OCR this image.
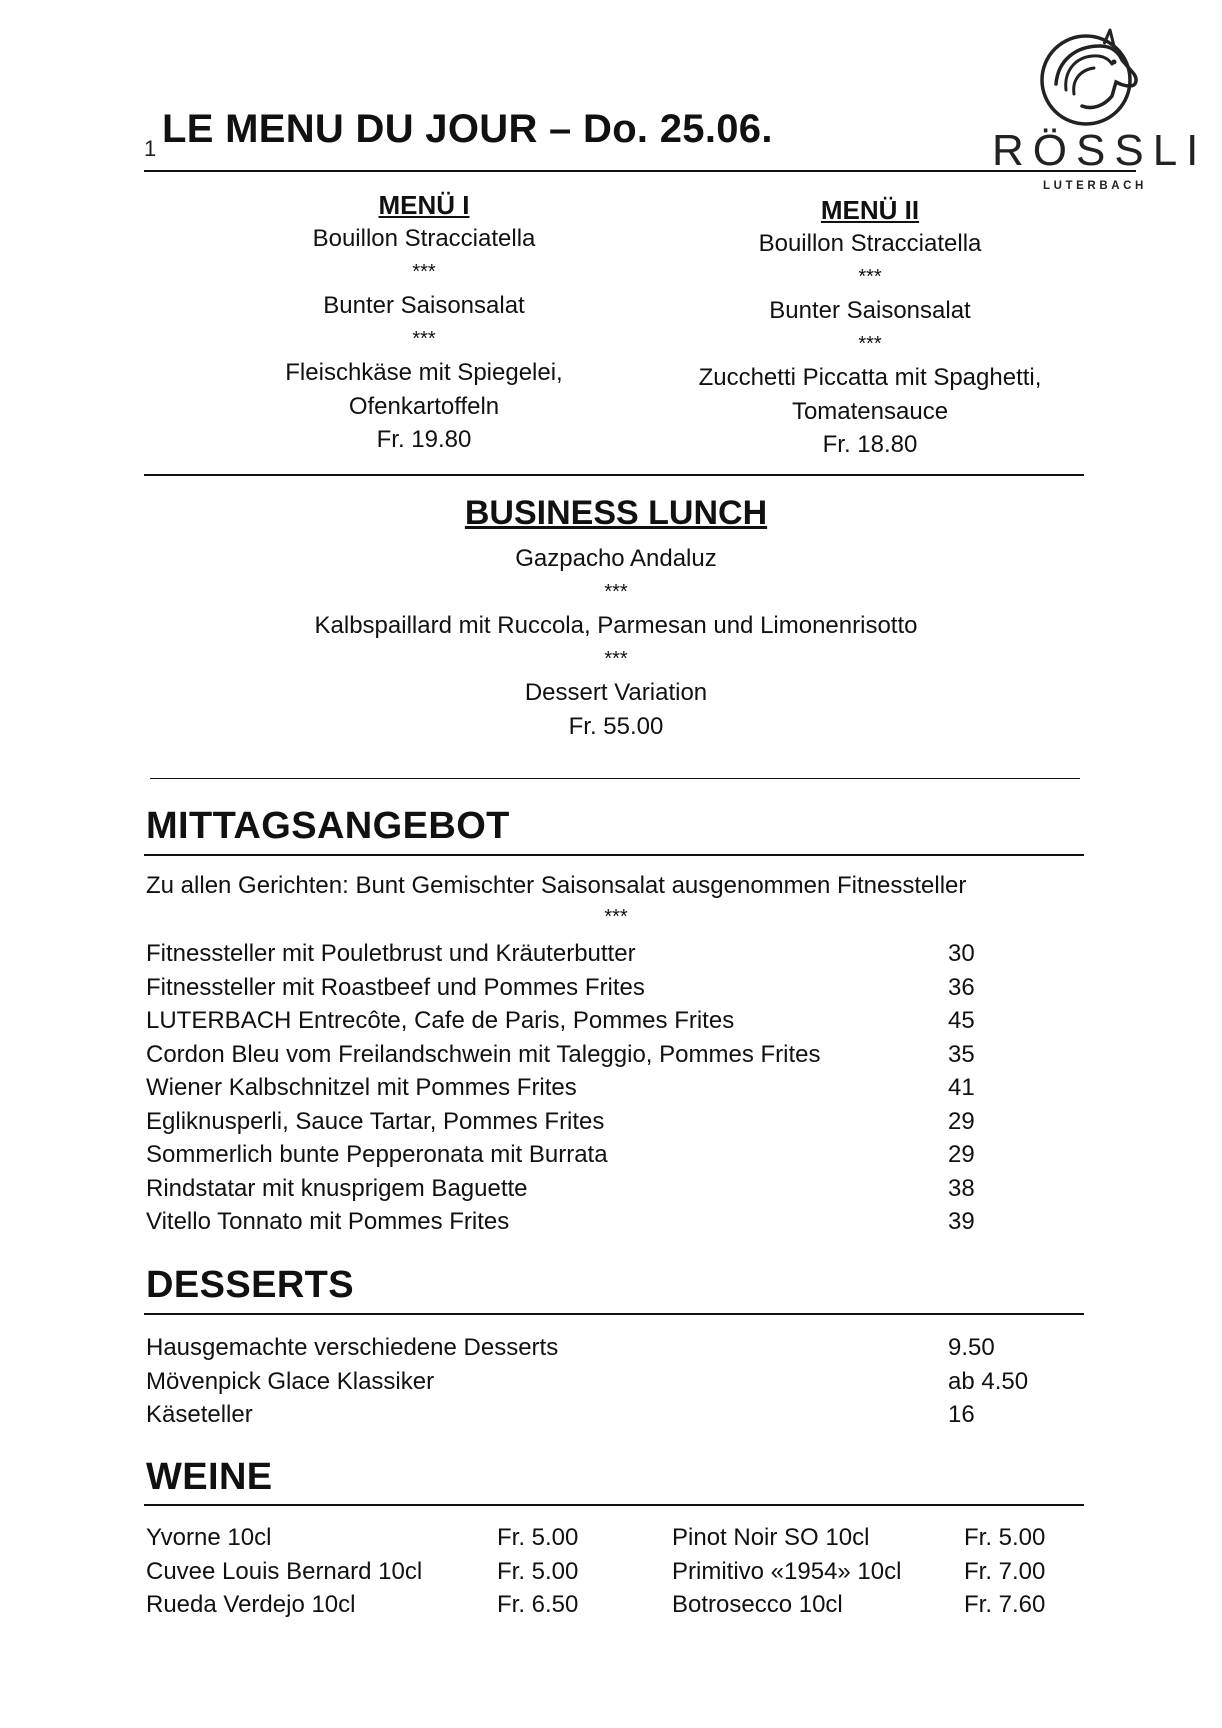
RÖSSLI
LUTERBACH
1 LE MENU DU JOUR – Do. 25.06.
MENÜ I
Bouillon Stracciatella
***
Bunter Saisonsalat
***
Fleischkäse mit Spiegelei,
Ofenkartoffeln
Fr. 19.80
MENÜ II
Bouillon Stracciatella
***
Bunter Saisonsalat
***
Zucchetti Piccatta mit Spaghetti,
Tomatensauce
Fr. 18.80
BUSINESS LUNCH
Gazpacho Andaluz
***
Kalbspaillard mit Ruccola, Parmesan und Limonenrisotto
***
Dessert Variation
Fr. 55.00
MITTAGSANGEBOT
Zu allen Gerichten: Bunt Gemischter Saisonsalat ausgenommen Fitnessteller
***
Fitnessteller mit Pouletbrust und Kräuterbutter	30
Fitnessteller mit Roastbeef und Pommes Frites	36
LUTERBACH Entrecôte, Cafe de Paris, Pommes Frites	45
Cordon Bleu vom Freilandschwein mit Taleggio, Pommes Frites	35
Wiener Kalbschnitzel mit Pommes Frites	41
Egliknusperli, Sauce Tartar, Pommes Frites	29
Sommerlich bunte Pepperonata mit Burrata	29
Rindstatar mit knusprigem Baguette	38
Vitello Tonnato mit Pommes Frites	39
DESSERTS
Hausgemachte verschiedene Desserts	9.50
Mövenpick Glace Klassiker	ab 4.50
Käseteller	16
WEINE
Yvorne 10cl	Fr. 5.00
Cuvee Louis Bernard 10cl	Fr. 5.00
Rueda Verdejo 10cl	Fr. 6.50
Pinot Noir SO 10cl	Fr. 5.00
Primitivo «1954» 10cl	Fr. 7.00
Botrosecco 10cl	Fr. 7.60
